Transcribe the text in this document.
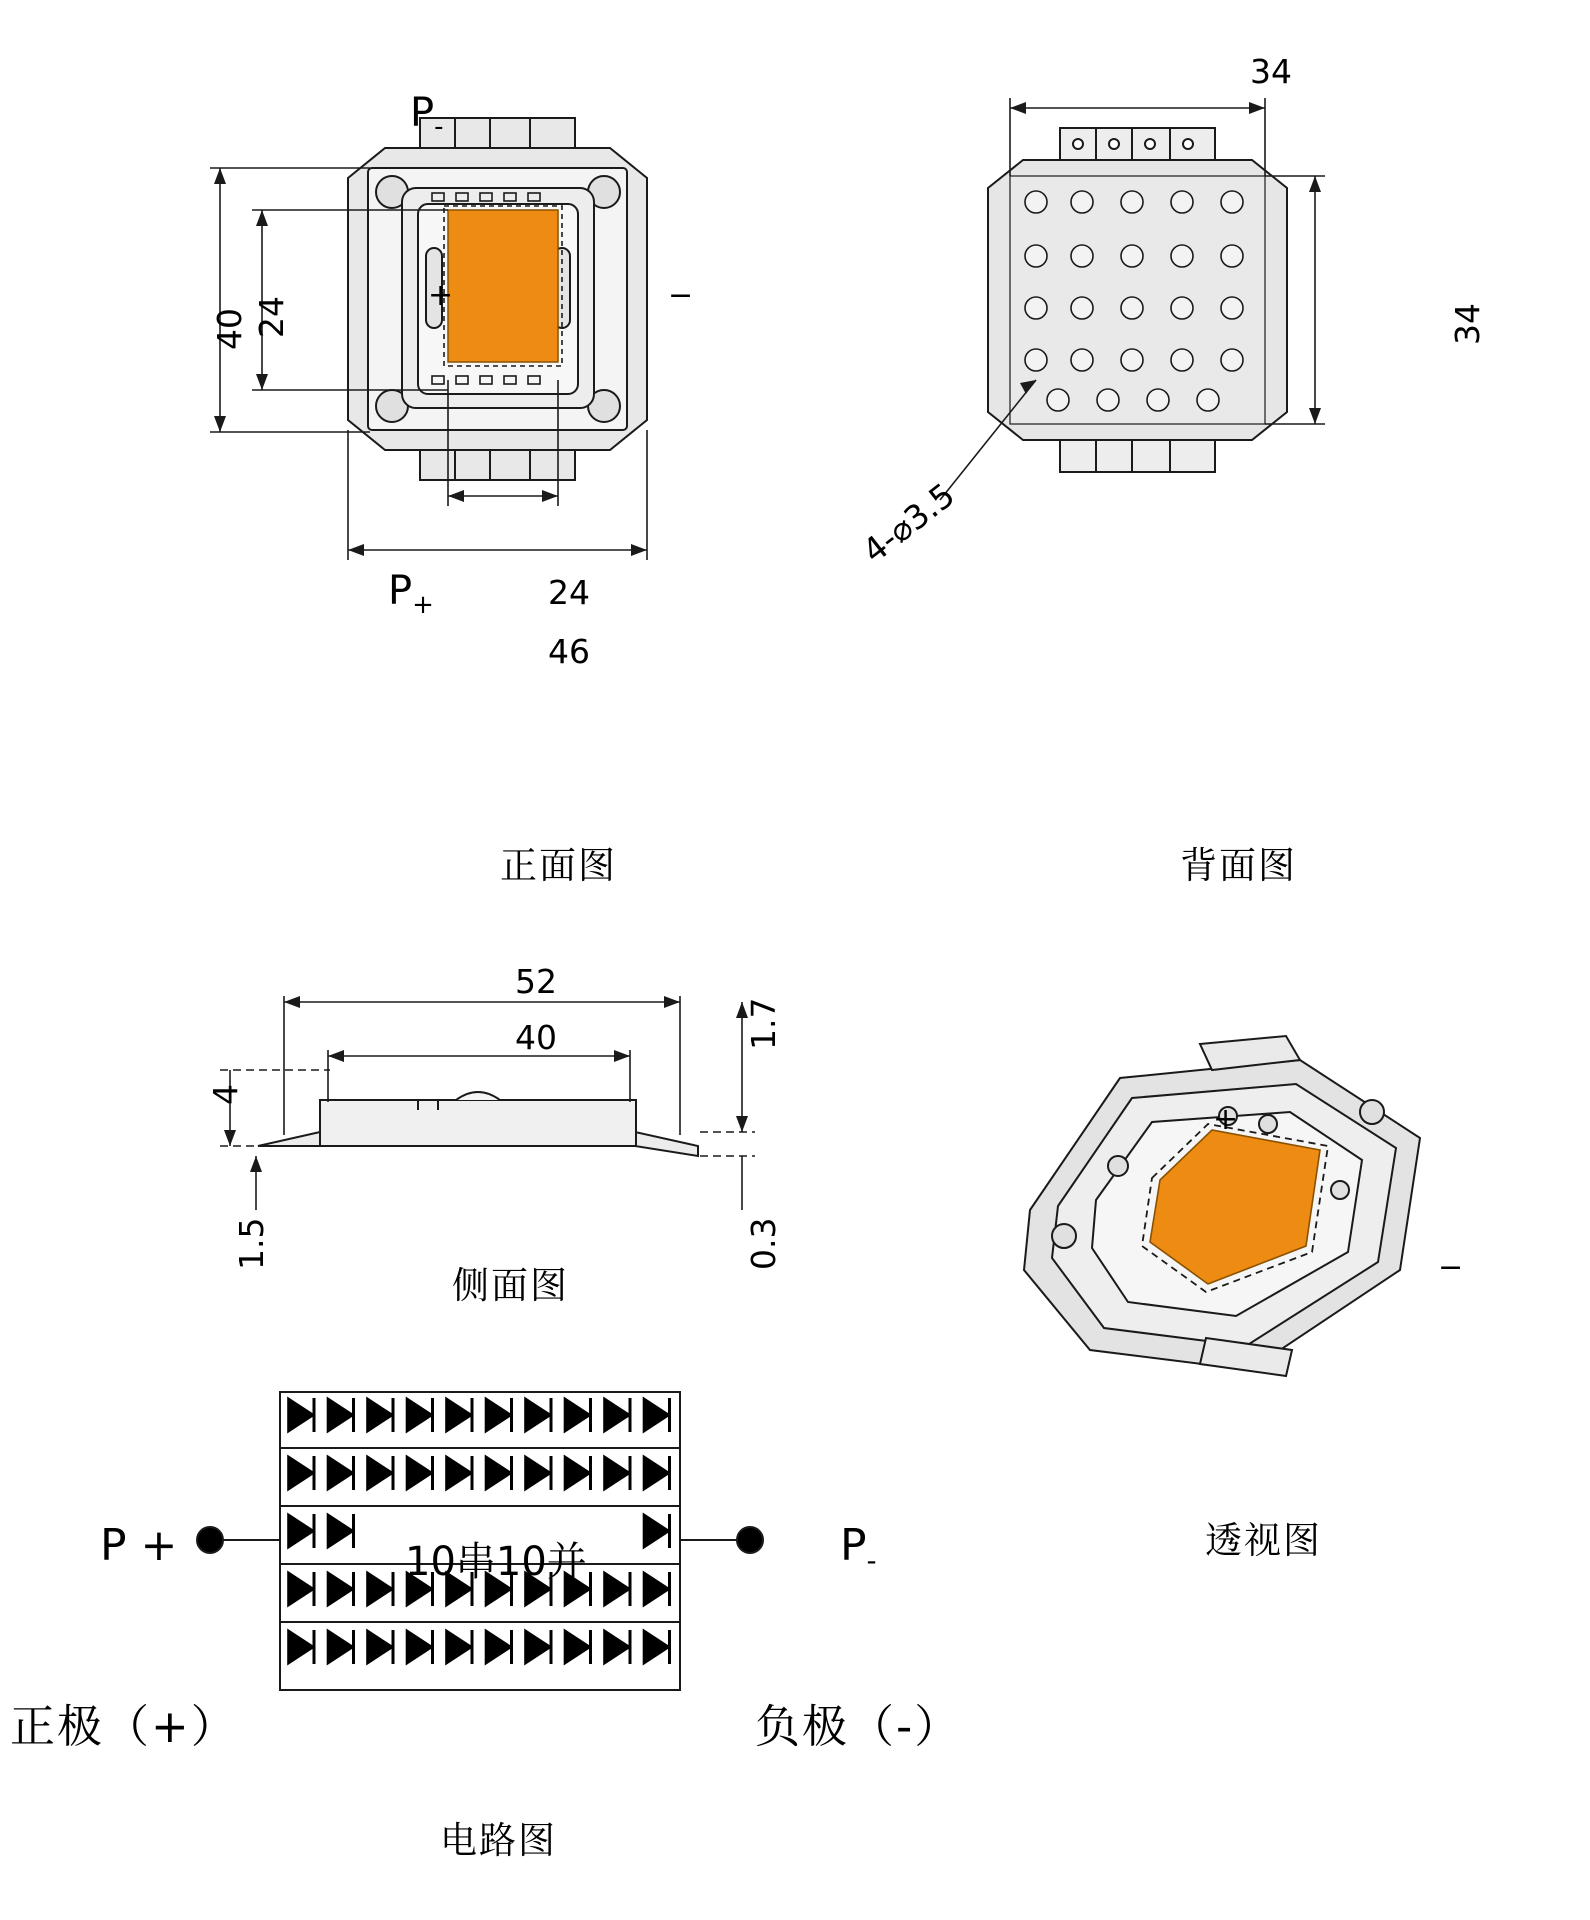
$P_-$
$P_+$
+	−
40 24
24
46
正面图
34
34
4-⌀3.5
背面图
52
40
4
1.5
1.7
0.3
侧面图
+
−
透视图
10串10并
P +	$P_-$
正极（+）	负极（-）
电路图
